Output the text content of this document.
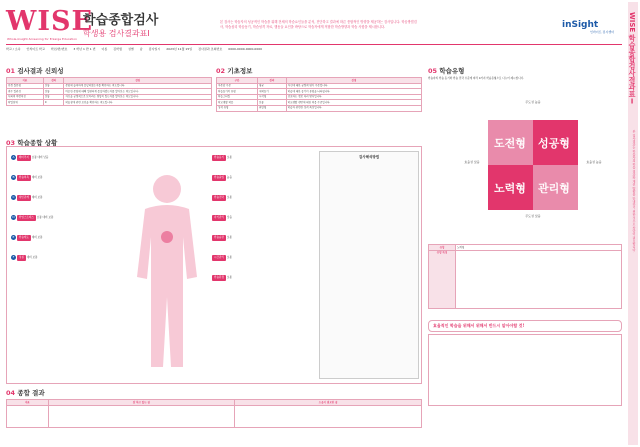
WISE
Whole-Insight-Screening for Enlarge Education
학습종합검사
학생용 검사결과표Ⅰ
본 검사는 학습자의 성공적인 학습을 위해 전체의 학습요인들을 분석, 진단하고 결과에 따른 종합적인 방향을 제공하는 검사입니다. 학습방법검사, 학습심리 학습동기, 학습성격 자료, 행동들 요인을 바탕으로 학습자에게 적합한 학습방향과 학습 사항을 제시합니다.	inSight
인싸이트 검사센터 WISE 학습종합검사결과표Ⅰ
본 검사결과는 학습자의 학습 결과와 개선 방향을 안내하기 위한 것으로 상담이 필요합니다.
학교 / 소속 인싸이트 학교 학년/반/번호 3 학년 1 반 1 번 이름 김학생 성별 남 검사일시 2023년 11월 15일 검사결과 조회번호 0000-0000-0000-0000
01 검사결과 신뢰성
지표	결과	설명
인정 질문형	보통	문항에 솔직하게 응답하였는지를 확인하는 척도입니다.
변수 일관성	보통	비슷한 문항에 대해 일관되게 응답하였는지를 알아보는 척도입니다.
사회적 바람직성	보통	자신을 긍정적으로 보이려는 경향이 있는지를 알아보는 척도입니다.
학업장애	0	학습장애 관련 요인을 확인하는 척도입니다.
02 기초정보
구분	결과	설명
자존감 수준	평균	자신에 대한 긍정적 평가 수준입니다.
학습동기의 유형	내적동기	학습에 대한 동기의 유형을 나타냅니다.
학습스타일	시각형	선호하는 정보 처리 방식입니다.
학교생활 적응	보통	학교생활 전반에 대한 적응 수준입니다.
성격 유형	외향형	학습과 관련된 성격 특성입니다.
03 학습종합 상황
A 배터리지 보통 대비 낮음
B 학습의욕 대비 보통
C 대인관계 대비 보통
D 학업스트레스 보통 대비 보통
E 학습태도 대비 보통
F 성실 대비 보통
학습동기 보통
학습몰입 높음
학습전략 보통
자기관리 낮음
학습습관 보통
시간관리 보통
학습환경 보통
검사해석방법
04 종합 결과
지표	잘 하고 있는 점	도움이 필요한 점

05 학습유형
학습자의 학습 동기와 학습 전략 수준에 따라 4가지 학습유형으로 나누어 제시합니다.
도전형 성공형
노력형 관리형
주도성 높음
주도성 낮음
효율성 낮음	효율성 높음
유형	노력형
유형 특징	
효율적인 학습을 위해서 위해서 반드시 알아야할 것!
